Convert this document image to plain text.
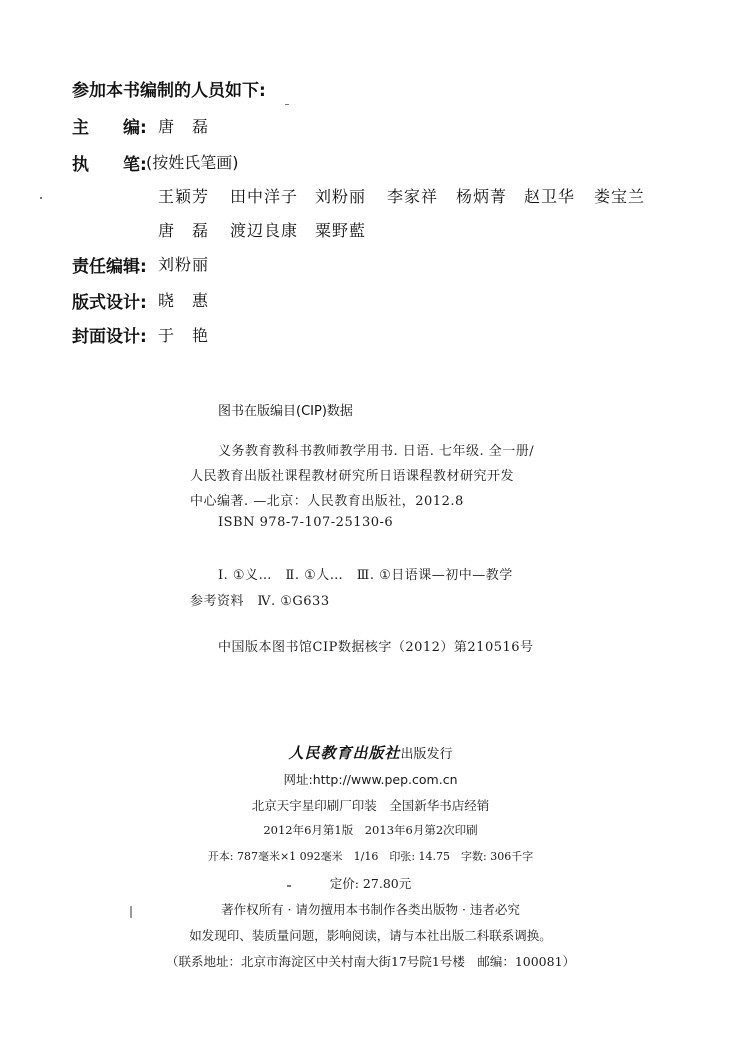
参加本书编制的人员如下:
主　　编: 唐　磊
执　　笔: (按姓氏笔画)
王颖芳 田中洋子 刘粉丽 李家祥 杨炳菁 赵卫华 娄宝兰
唐　磊 渡辺良康 粟野藍
责任编辑: 刘粉丽
版式设计: 晓　惠
封面设计: 于　艳
图书在版编目(CIP)数据
义务教育教科书教师教学用书. 日语. 七年级. 全一册/
人民教育出版社课程教材研究所日语课程教材研究开发
中心编著. —北京：人民教育出版社，2012.8
ISBN 978-7-107-25130-6
Ⅰ. ①义…　Ⅱ. ①人…　Ⅲ. ①日语课—初中—教学
参考资料　Ⅳ. ①G633
中国版本图书馆CIP数据核字（2012）第210516号
人民教育出版社出版发行
网址:http://www.pep.com.cn
北京天宇星印刷厂印装　全国新华书店经销
2012年6月第1版　2013年6月第2次印刷
开本: 787毫米×1 092毫米　1/16　印张: 14.75　字数: 306千字
定价: 27.80元
著作权所有 · 请勿擅用本书制作各类出版物 · 违者必究
如发现印、装质量问题，影响阅读，请与本社出版二科联系调换。
（联系地址：北京市海淀区中关村南大街17号院1号楼　邮编：100081）
